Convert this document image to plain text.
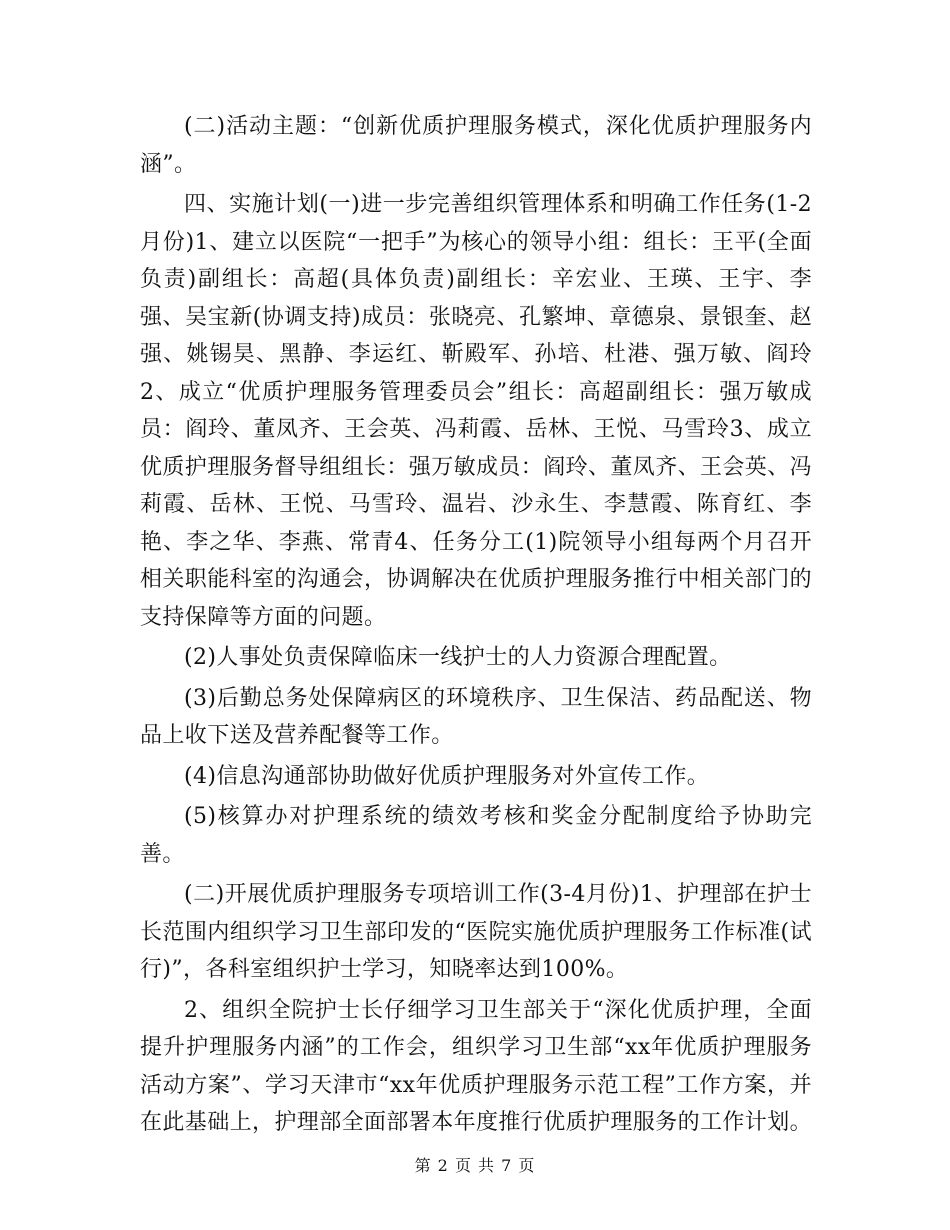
(二)活动主题：“创新优质护理服务模式，深化优质护理服务内涵”。

四、实施计划(一)进一步完善组织管理体系和明确工作任务(1-2月份)1、建立以医院“一把手”为核心的领导小组：组长：王平(全面负责)副组长：高超(具体负责)副组长：辛宏业、王瑛、王宇、李强、吴宝新(协调支持)成员：张晓亮、孔繁坤、章德泉、景银奎、赵强、姚锡昊、黑静、李运红、靳殿军、孙培、杜港、强万敏、阎玲2、成立“优质护理服务管理委员会”组长：高超副组长：强万敏成员：阎玲、董凤齐、王会英、冯莉霞、岳林、王悦、马雪玲3、成立优质护理服务督导组组长：强万敏成员：阎玲、董凤齐、王会英、冯莉霞、岳林、王悦、马雪玲、温岩、沙永生、李慧霞、陈育红、李艳、李之华、李燕、常青4、任务分工(1)院领导小组每两个月召开相关职能科室的沟通会，协调解决在优质护理服务推行中相关部门的支持保障等方面的问题。

(2)人事处负责保障临床一线护士的人力资源合理配置。

(3)后勤总务处保障病区的环境秩序、卫生保洁、药品配送、物品上收下送及营养配餐等工作。

(4)信息沟通部协助做好优质护理服务对外宣传工作。

(5)核算办对护理系统的绩效考核和奖金分配制度给予协助完善。

(二)开展优质护理服务专项培训工作(3-4月份)1、护理部在护士长范围内组织学习卫生部印发的“医院实施优质护理服务工作标准(试行)”，各科室组织护士学习，知晓率达到100%。

2、组织全院护士长仔细学习卫生部关于“深化优质护理，全面提升护理服务内涵”的工作会，组织学习卫生部“xx年优质护理服务活动方案”、学习天津市“xx年优质护理服务示范工程”工作方案，并在此基础上，护理部全面部署本年度推行优质护理服务的工作计划。

第 2 页 共 7 页
